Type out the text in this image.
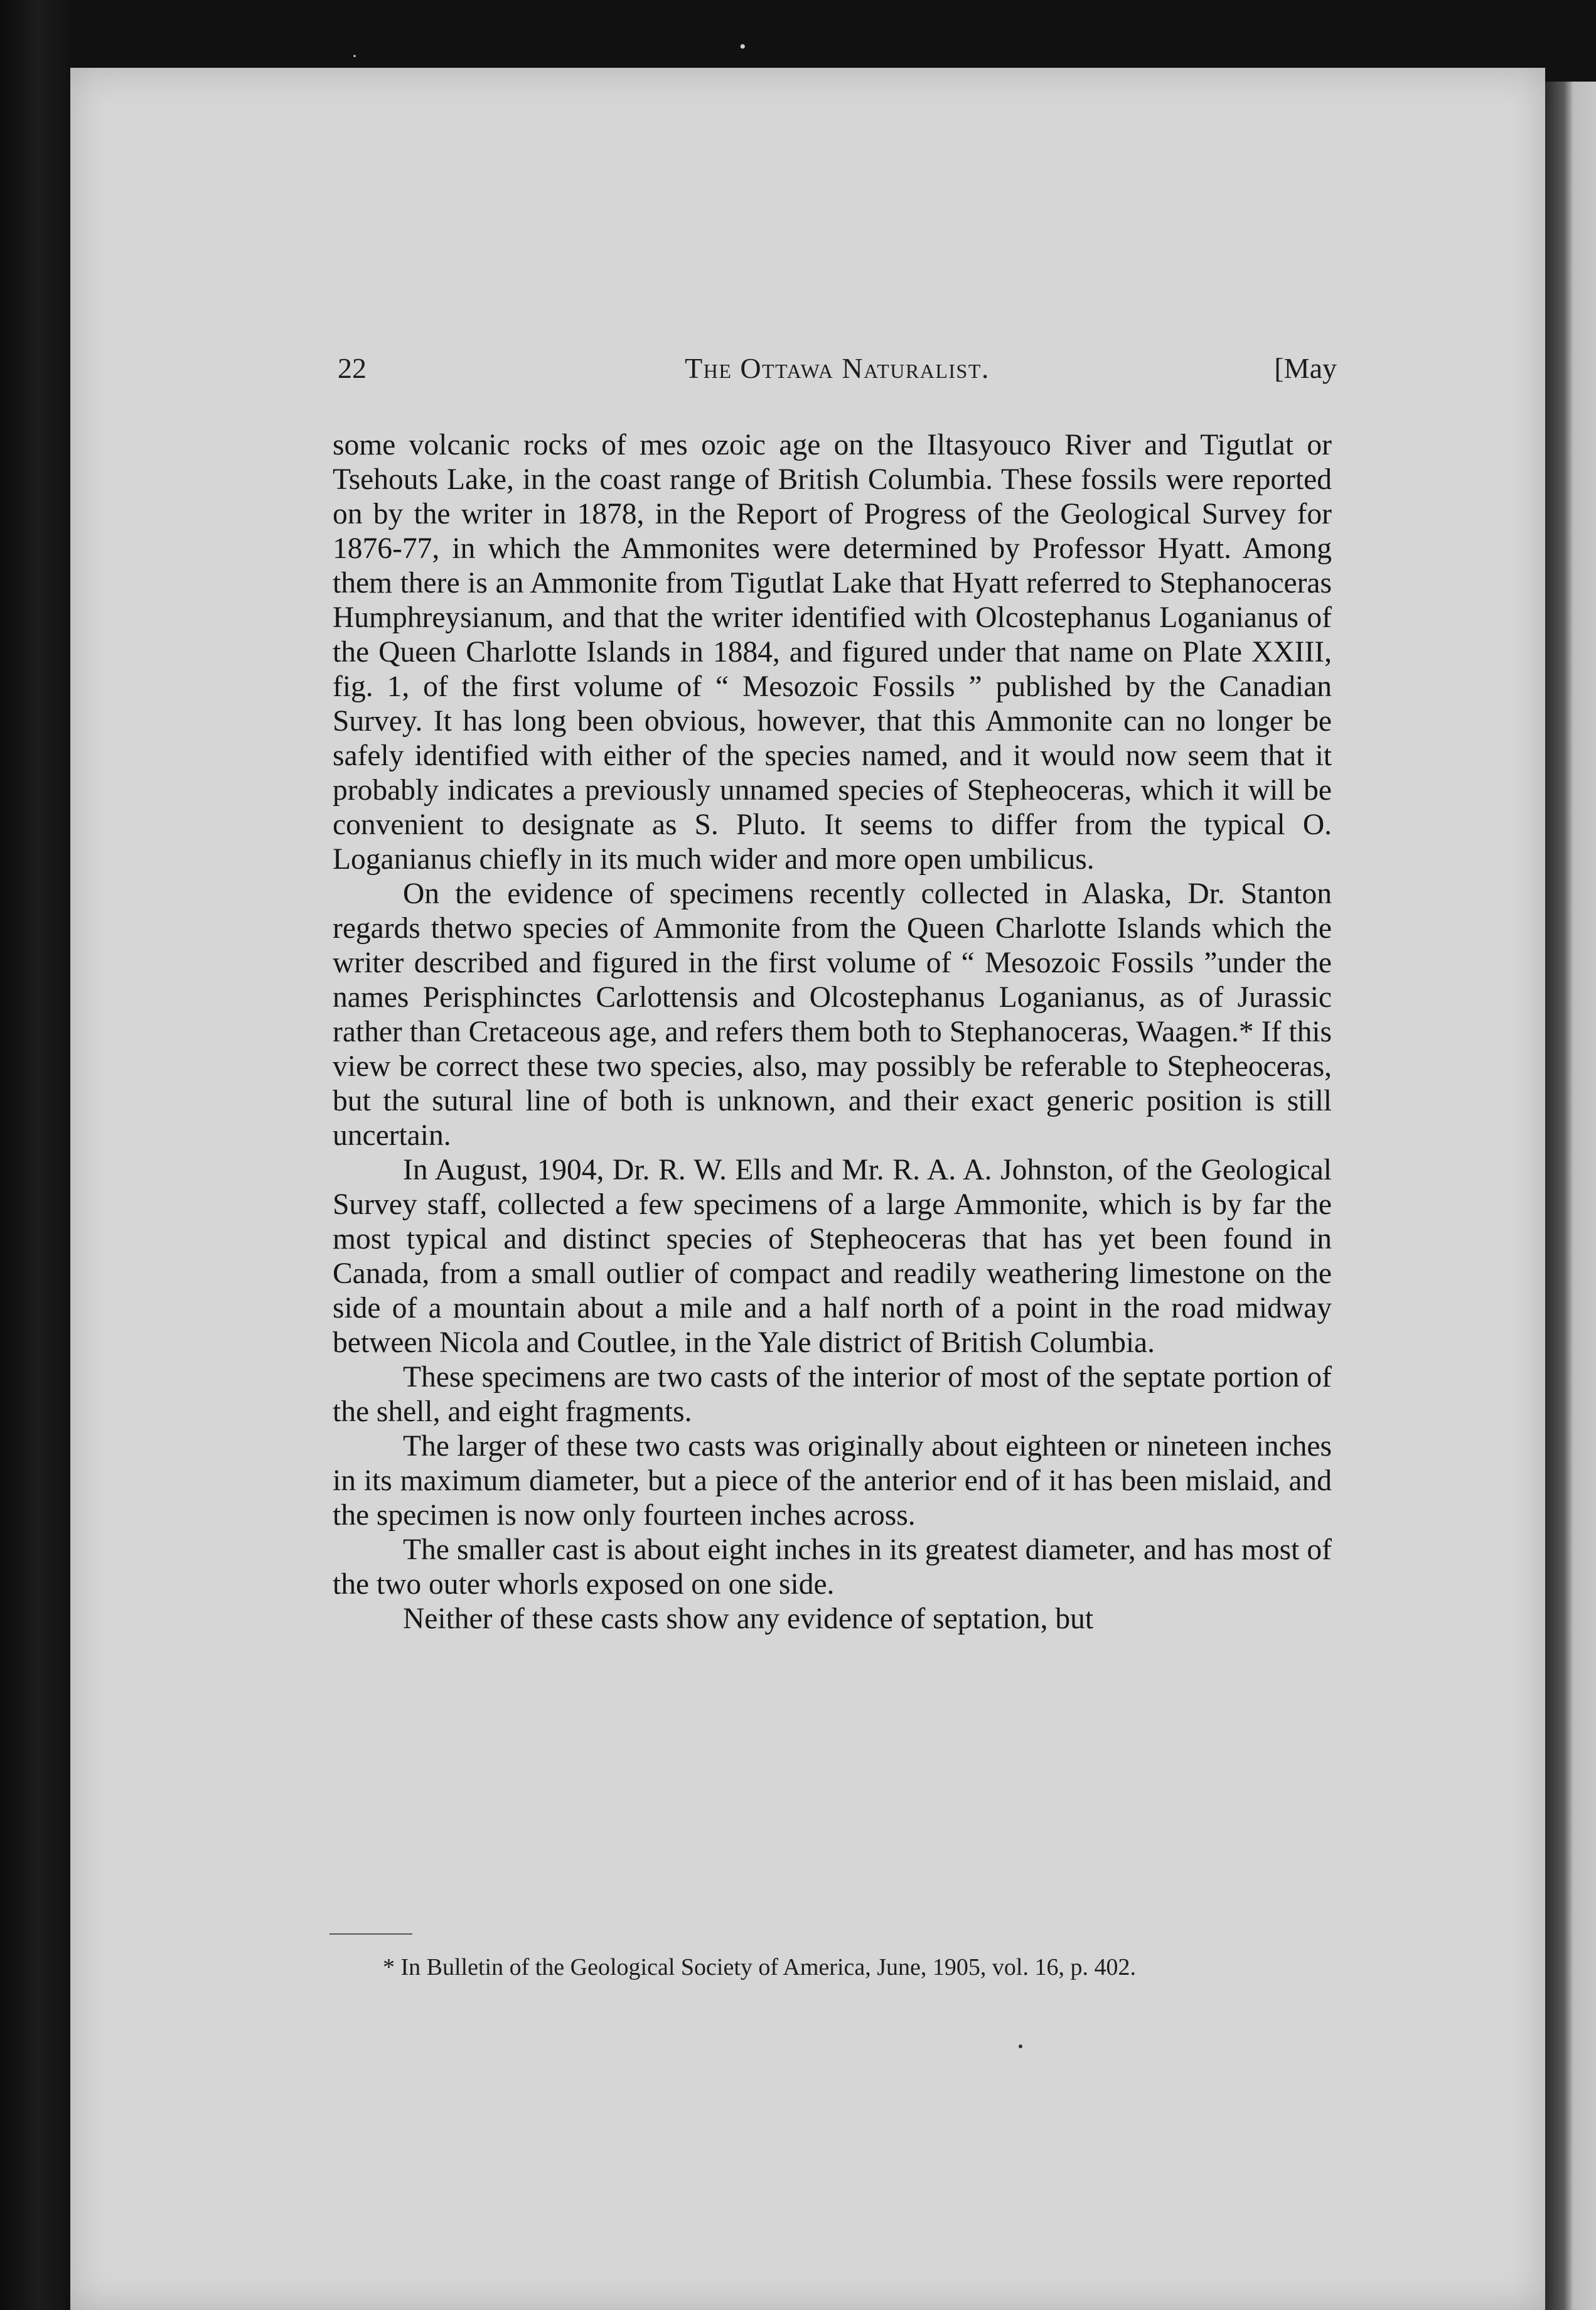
•
·
22	The Ottawa Naturalist.	[May

some volcanic rocks of mes ozoic age on the Iltasyouco River and Tigutlat or Tsehouts Lake, in the coast range of British Columbia. These fossils were reported on by the writer in 1878, in the Report of Progress of the Geological Survey for 1876-77, in which the Ammonites were determined by Professor Hyatt. Among them there is an Ammonite from Tigutlat Lake that Hyatt referred to Stephanoceras Humphreysianum, and that the writer identified with Olcostephanus Loganianus of the Queen Charlotte Islands in 1884, and figured under that name on Plate XXIII, fig. 1, of the first volume of “ Mesozoic Fossils ” published by the Canadian Survey. It has long been obvious, however, that this Ammonite can no longer be safely identified with either of the species named, and it would now seem that it probably indicates a previously unnamed species of Stepheoceras, which it will be convenient to designate as S. Pluto. It seems to differ from the typical O. Loganianus chiefly in its much wider and more open umbilicus.

On the evidence of specimens recently collected in Alaska, Dr. Stanton regards thetwo species of Ammonite from the Queen Charlotte Islands which the writer described and figured in the first volume of “ Mesozoic Fossils ”under the names Perisphinctes Carlottensis and Olcostephanus Loganianus, as of Jurassic rather than Cretaceous age, and refers them both to Stephanoceras, Waagen.* If this view be correct these two species, also, may possibly be referable to Stepheoceras, but the sutural line of both is unknown, and their exact generic position is still uncertain.

In August, 1904, Dr. R. W. Ells and Mr. R. A. A. Johnston, of the Geological Survey staff, collected a few specimens of a large Ammonite, which is by far the most typical and distinct species of Stepheoceras that has yet been found in Canada, from a small outlier of compact and readily weathering limestone on the side of a mountain about a mile and a half north of a point in the road midway between Nicola and Coutlee, in the Yale district of British Columbia.

These specimens are two casts of the interior of most of the septate portion of the shell, and eight fragments.

The larger of these two casts was originally about eighteen or nineteen inches in its maximum diameter, but a piece of the anterior end of it has been mislaid, and the specimen is now only fourteen inches across.

The smaller cast is about eight inches in its greatest diameter, and has most of the two outer whorls exposed on one side.

Neither of these casts show any evidence of septation, but

* In Bulletin of the Geological Society of America, June, 1905, vol. 16, p. 402.
